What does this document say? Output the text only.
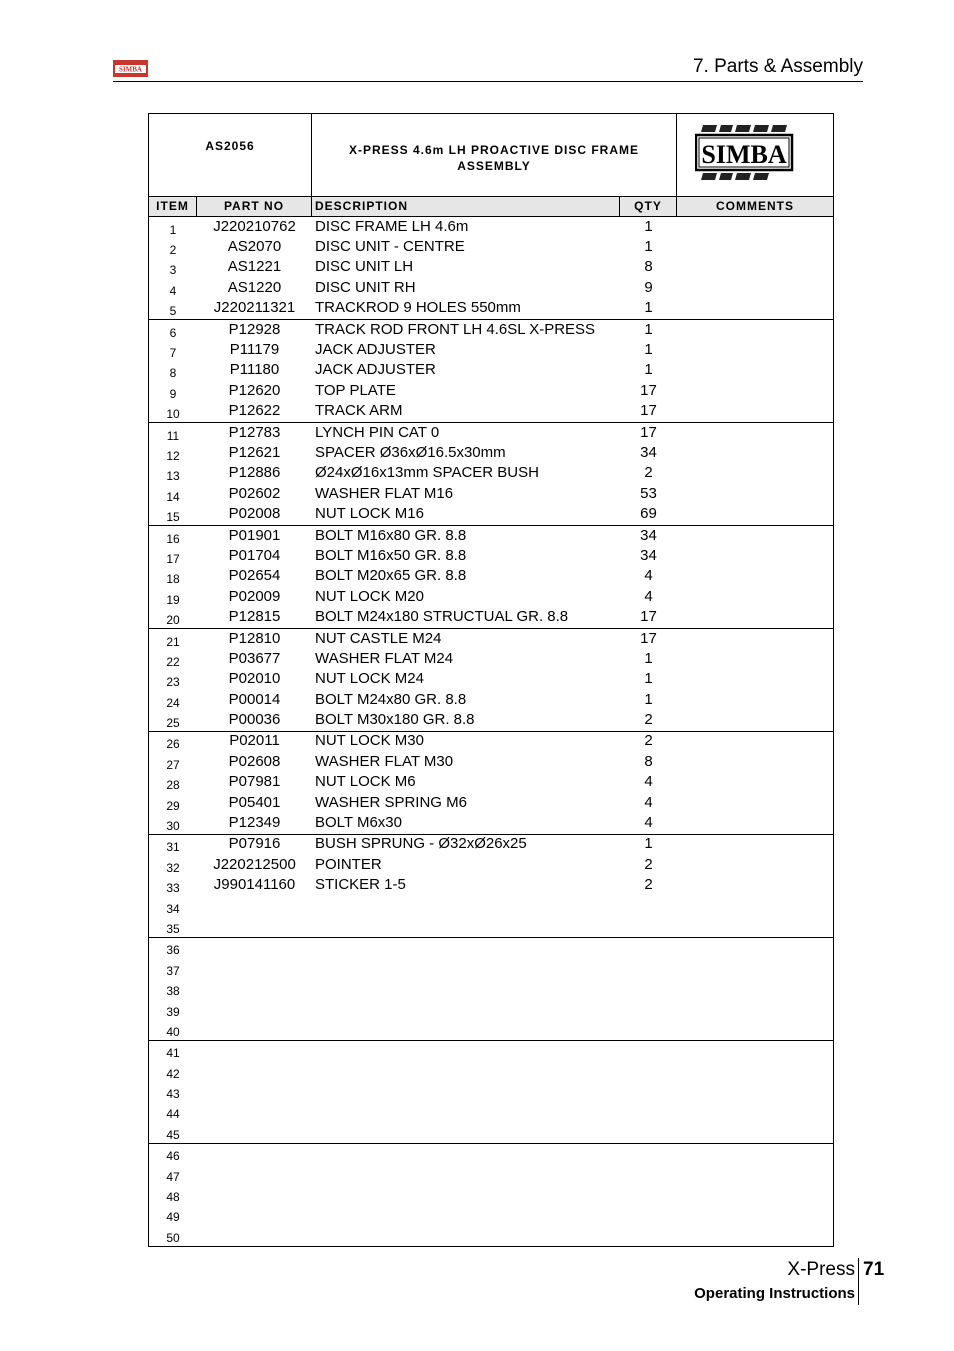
SIMBA	7. Parts & Assembly
AS2056	X-PRESS 4.6m LH PROACTIVE DISC FRAME ASSEMBLY	SIMBA
ITEM	PART NO	DESCRIPTION	QTY	COMMENTS
1	J220210762	DISC FRAME LH 4.6m	1
2	AS2070	DISC UNIT - CENTRE	1
3	AS1221	DISC UNIT LH	8
4	AS1220	DISC UNIT RH	9
5	J220211321	TRACKROD 9 HOLES 550mm	1
6	P12928	TRACK ROD FRONT LH 4.6SL X-PRESS	1
7	P11179	JACK ADJUSTER	1
8	P11180	JACK ADJUSTER	1
9	P12620	TOP PLATE	17
10	P12622	TRACK ARM	17
11	P12783	LYNCH PIN CAT 0	17
12	P12621	SPACER Ø36xØ16.5x30mm	34
13	P12886	Ø24xØ16x13mm SPACER BUSH	2
14	P02602	WASHER FLAT M16	53
15	P02008	NUT LOCK M16	69
16	P01901	BOLT M16x80 GR. 8.8	34
17	P01704	BOLT M16x50 GR. 8.8	34
18	P02654	BOLT M20x65 GR. 8.8	4
19	P02009	NUT LOCK M20	4
20	P12815	BOLT M24x180 STRUCTUAL GR. 8.8	17
21	P12810	NUT CASTLE M24	17
22	P03677	WASHER FLAT M24	1
23	P02010	NUT LOCK M24	1
24	P00014	BOLT M24x80 GR. 8.8	1
25	P00036	BOLT M30x180 GR. 8.8	2
26	P02011	NUT LOCK M30	2
27	P02608	WASHER FLAT M30	8
28	P07981	NUT LOCK M6	4
29	P05401	WASHER SPRING M6	4
30	P12349	BOLT M6x30	4
31	P07916	BUSH SPRUNG - Ø32xØ26x25	1
32	J220212500	POINTER	2
33	J990141160	STICKER 1-5	2
34
35
36
37
38
39
40
41
42
43
44
45
46
47
48
49
50
X-Press 71
Operating Instructions
